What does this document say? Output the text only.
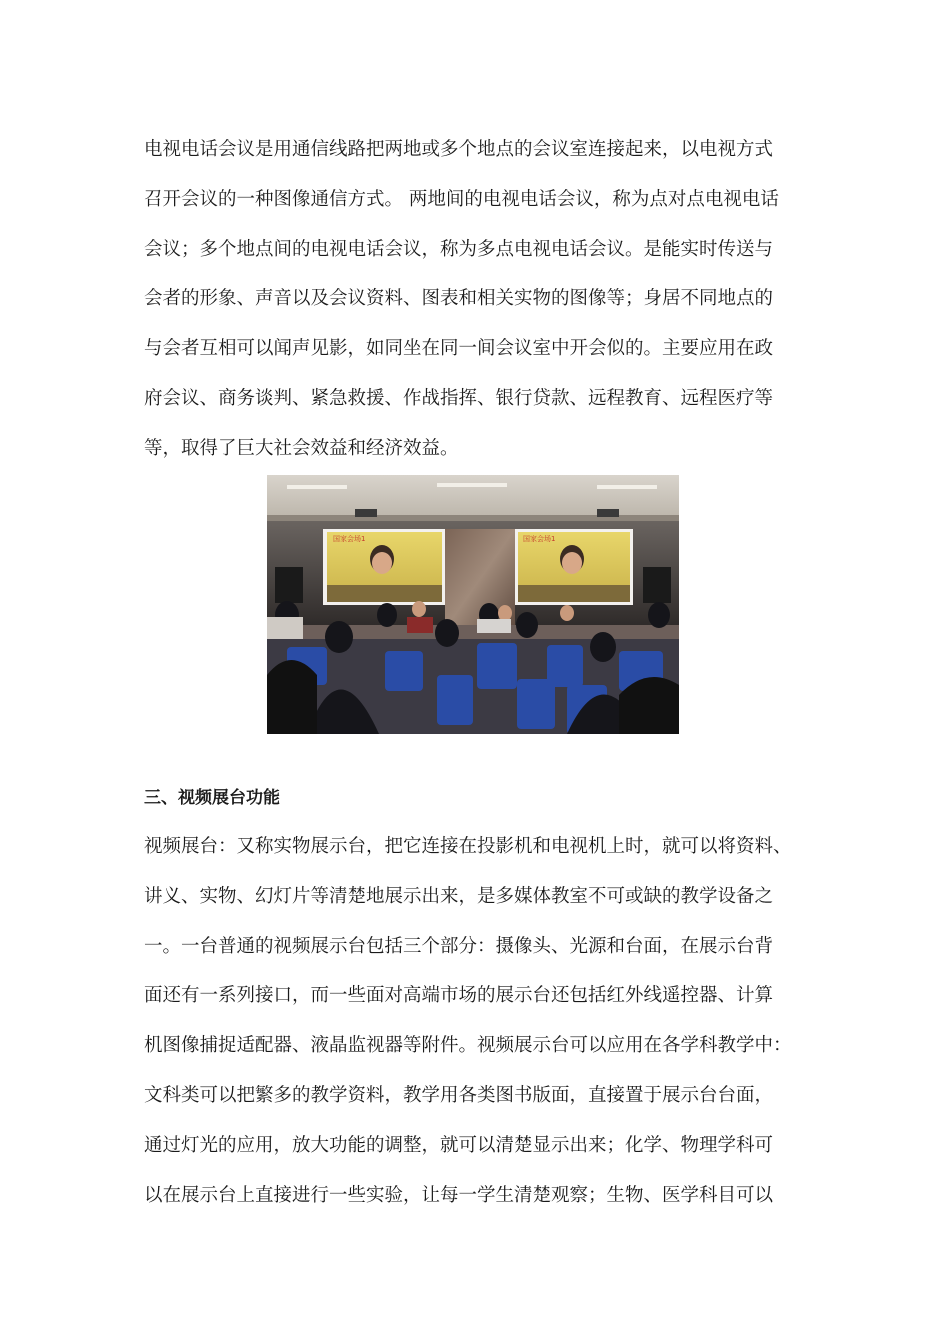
电视电话会议是用通信线路把两地或多个地点的会议室连接起来，以电视方式
召开会议的一种图像通信方式。 两地间的电视电话会议，称为点对点电视电话
会议；多个地点间的电视电话会议，称为多点电视电话会议。是能实时传送与
会者的形象、声音以及会议资料、图表和相关实物的图像等；身居不同地点的
与会者互相可以闻声见影，如同坐在同一间会议室中开会似的。主要应用在政
府会议、商务谈判、紧急救援、作战指挥、银行贷款、远程教育、远程医疗等
等，取得了巨大社会效益和经济效益。
国家会场1	国家会场1
三、视频展台功能
视频展台：又称实物展示台，把它连接在投影机和电视机上时，就可以将资料、
讲义、实物、幻灯片等清楚地展示出来，是多媒体教室不可或缺的教学设备之
一。一台普通的视频展示台包括三个部分：摄像头、光源和台面，在展示台背
面还有一系列接口，而一些面对高端市场的展示台还包括红外线遥控器、计算
机图像捕捉适配器、液晶监视器等附件。视频展示台可以应用在各学科教学中：
文科类可以把繁多的教学资料，教学用各类图书版面，直接置于展示台台面，
通过灯光的应用，放大功能的调整，就可以清楚显示出来；化学、物理学科可
以在展示台上直接进行一些实验，让每一学生清楚观察；生物、医学科目可以
